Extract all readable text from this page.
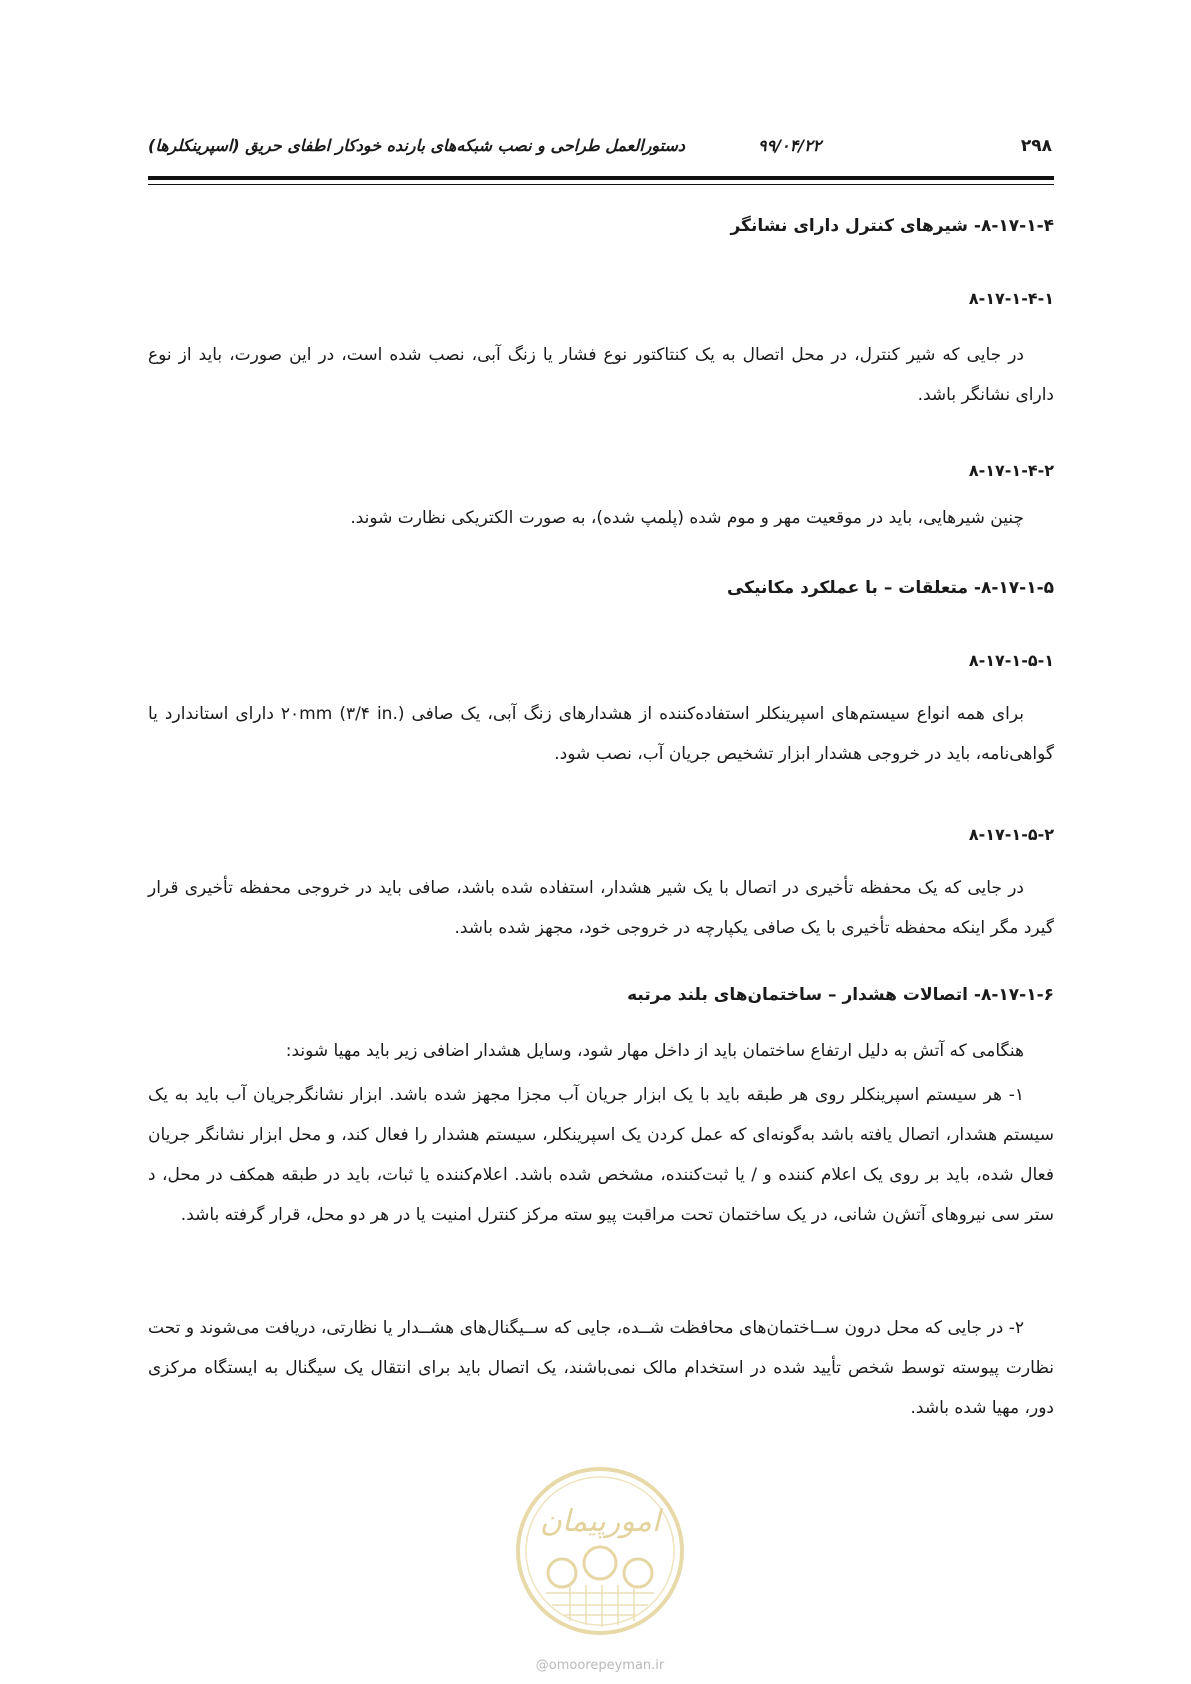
۲۹۸
۹۹/۰۴/۲۲
دستورالعمل طراحی و نصب شبکه‌های بارنده خودکار اطفای حریق (اسپرینکلرها)
۸-۱۷-۱-۴- شیرهای کنترل دارای نشانگر
۸-۱۷-۱-۴-۱

در جایی که شیر کنترل، در محل اتصال به یک کنتاکتور نوع فشار یا زنگ آبی، نصب شده است، در این صورت، باید از نوع دارای نشانگر باشد.

۸-۱۷-۱-۴-۲

چنین شیرهایی، باید در موقعیت مهر و موم شده (پلمپ شده)، به صورت الکتریکی نظارت شوند.

۸-۱۷-۱-۵- متعلقات – با عملکرد مکانیکی
۸-۱۷-۱-۵-۱

برای همه انواع سیستم‌های اسپرینکلر استفاده‌کننده از هشدارهای زنگ آبی، یک صافی ۲۰mm (۳/۴ in.) دارای استاندارد یا گواهی‌نامه، باید در خروجی هشدار ابزار تشخیص جریان آب، نصب شود.

۸-۱۷-۱-۵-۲

در جایی که یک محفظه تأخیری در اتصال با یک شیر هشدار، استفاده شده باشد، صافی باید در خروجی محفظه تأخیری قرار گیرد مگر اینکه محفظه تأخیری با یک صافی یکپارچه در خروجی خود، مجهز شده باشد.

۸-۱۷-۱-۶- اتصالات هشدار – ساختمان‌های بلند مرتبه

هنگامی که آتش به دلیل ارتفاع ساختمان باید از داخل مهار شود، وسایل هشدار اضافی زیر باید مهیا شوند:

۱- هر سیستم اسپرینکلر روی هر طبقه باید با یک ابزار جریان آب مجزا مجهز شده باشد. ابزار نشانگرجریان آب باید به یک سیستم هشدار، اتصال یافته باشد به‌گونه‌ای که عمل کردن یک اسپرینکلر، سیستم هشدار را فعال کند، و محل ابزار نشانگر جریان فعال شده، باید بر روی یک اعلام کننده و / یا ثبت‌کننده، مشخص شده باشد. اعلام‌کننده یا ثبات، باید در طبقه همکف در محل، د ستر سی نیروهای آتش‌ن شانی، در یک ساختمان تحت مراقبت پیو سته مرکز کنترل امنیت یا در هر دو محل، قرار گرفته باشد.

۲- در جایی که محل درون ســاختمان‌های محافظت شــده، جایی که ســیگنال‌های هشــدار یا نظارتی، دریافت می‌شوند و تحت نظارت پیوسته توسط شخص تأیید شده در استخدام مالک نمی‌باشند، یک اتصال باید برای انتقال یک سیگنال به ایستگاه مرکزی دور، مهیا شده باشد.

امورپیمان
@omoorepeyman.ir
